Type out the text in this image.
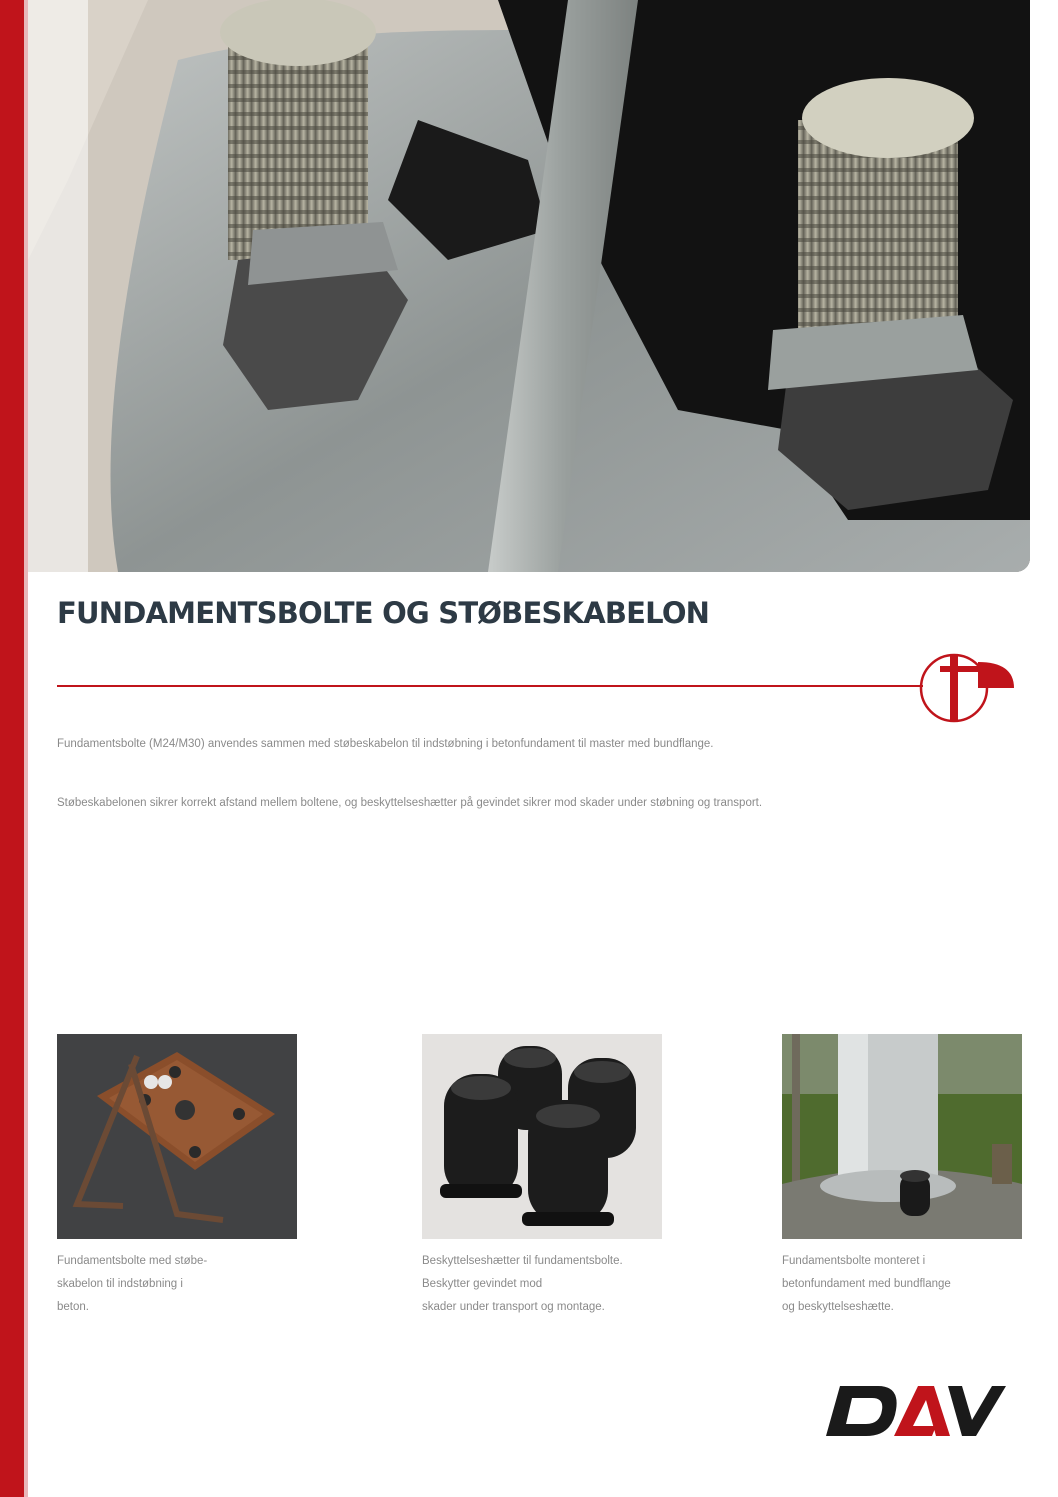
FUNDAMENTSBOLTE OG STØBESKABELON

Fundamentsbolte (M24/M30) anvendes sammen med støbeskabelon til indstøbning i betonfundament til master med bundflange.

Støbeskabelonen sikrer korrekt afstand mellem boltene, og beskyttelseshætter på gevindet sikrer mod skader under støbning og transport.

Fundamentsbolte med støbe-
skabelon til indstøbning i
beton.

Beskyttelseshætter til fundamentsbolte.
Beskytter gevindet mod
skader under transport og montage.

Fundamentsbolte monteret i
betonfundament med bundflange
og beskyttelseshætte.
